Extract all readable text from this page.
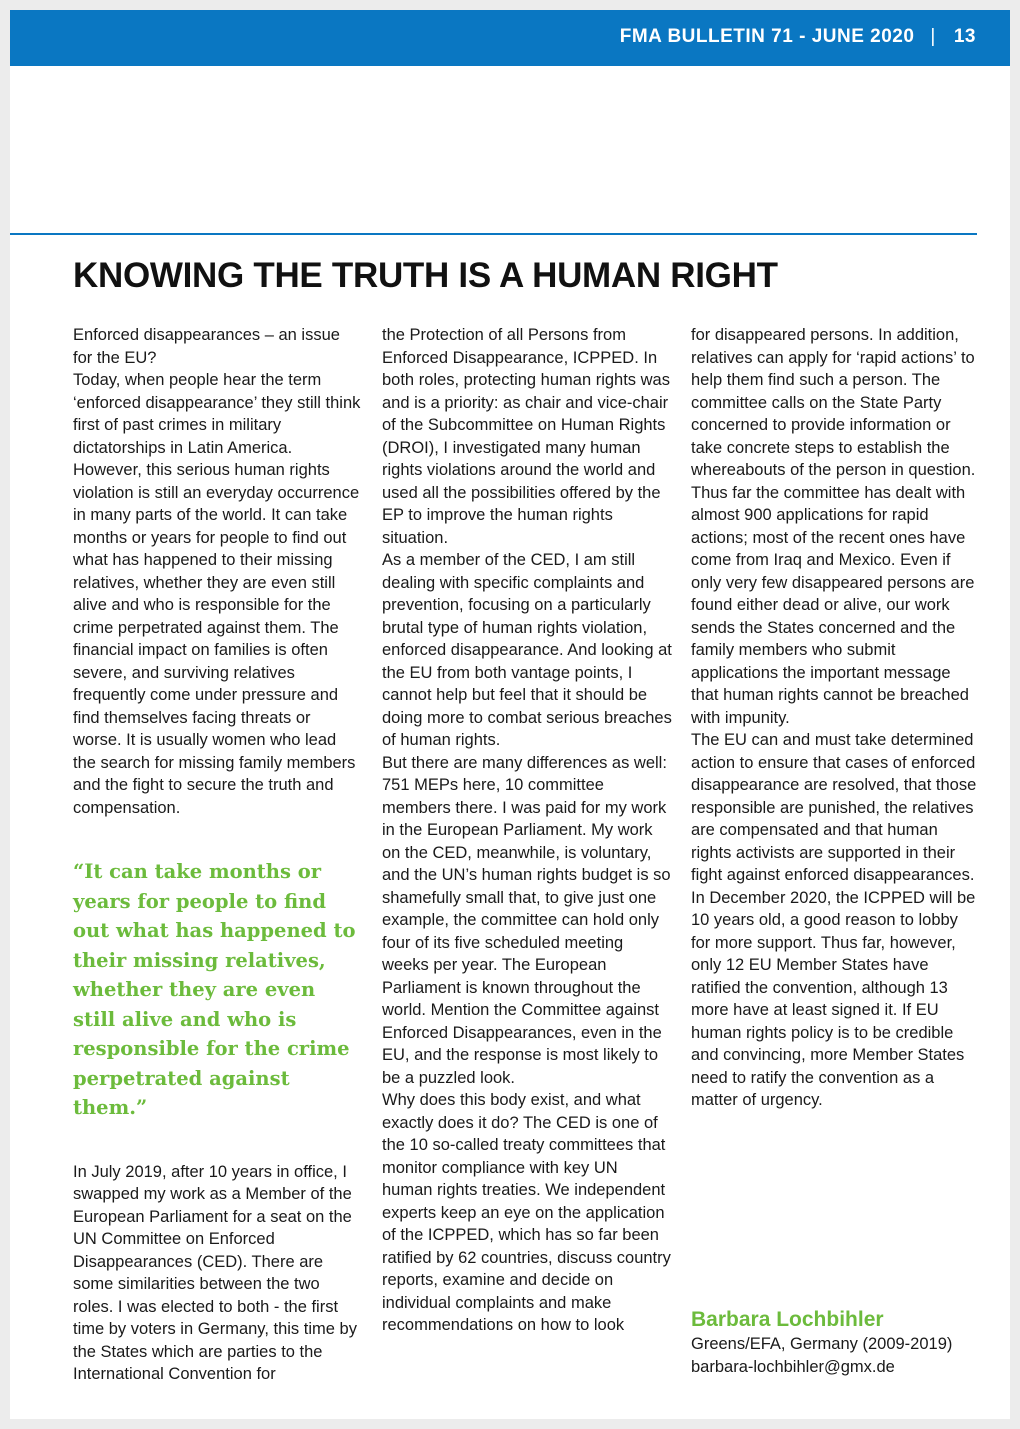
FMA BULLETIN 71 - JUNE 2020 | 13
KNOWING THE TRUTH IS A HUMAN RIGHT

Enforced disappearances – an issue for the EU?

Today, when people hear the term ‘enforced disappearance’ they still think first of past crimes in military dictatorships in Latin America. However, this serious human rights violation is still an everyday occurrence in many parts of the world. It can take months or years for people to find out what has happened to their missing relatives, whether they are even still alive and who is responsible for the crime perpetrated against them. The financial impact on families is often severe, and surviving relatives frequently come under pressure and find themselves facing threats or worse. It is usually women who lead the search for missing family members and the fight to secure the truth and compensation.

“It can take months or years for people to find out what has happened to their missing relatives, whether they are even still alive and who is responsible for the crime perpetrated against them.”

In July 2019, after 10 years in office, I swapped my work as a Member of the European Parliament for a seat on the UN Committee on Enforced Disappearances (CED). There are some similarities between the two roles. I was elected to both - the first time by voters in Germany, this time by the States which are parties to the International Convention for

the Protection of all Persons from Enforced Disappearance, ICPPED. In both roles, protecting human rights was and is a priority: as chair and vice-chair of the Subcommittee on Human Rights (DROI), I investigated many human rights violations around the world and used all the possibilities offered by the EP to improve the human rights situation.

As a member of the CED, I am still dealing with specific complaints and prevention, focusing on a particularly brutal type of human rights violation, enforced disappearance. And looking at the EU from both vantage points, I cannot help but feel that it should be doing more to combat serious breaches of human rights.

But there are many differences as well: 751 MEPs here, 10 committee members there. I was paid for my work in the European Parliament. My work on the CED, meanwhile, is voluntary, and the UN’s human rights budget is so shamefully small that, to give just one example, the committee can hold only four of its five scheduled meeting weeks per year. The European Parliament is known throughout the world. Mention the Committee against Enforced Disappearances, even in the EU, and the response is most likely to be a puzzled look.

Why does this body exist, and what exactly does it do? The CED is one of the 10 so-called treaty committees that monitor compliance with key UN human rights treaties. We independent experts keep an eye on the application of the ICPPED, which has so far been ratified by 62 countries, discuss country reports, examine and decide on individual complaints and make recommendations on how to look

for disappeared persons. In addition, relatives can apply for ‘rapid actions’ to help them find such a person. The committee calls on the State Party concerned to provide information or take concrete steps to establish the whereabouts of the person in question. Thus far the committee has dealt with almost 900 applications for rapid actions; most of the recent ones have come from Iraq and Mexico. Even if only very few disappeared persons are found either dead or alive, our work sends the States concerned and the family members who submit applications the important message that human rights cannot be breached with impunity.

The EU can and must take determined action to ensure that cases of enforced disappearance are resolved, that those responsible are punished, the relatives are compensated and that human rights activists are supported in their fight against enforced disappearances. In December 2020, the ICPPED will be 10 years old, a good reason to lobby for more support. Thus far, however, only 12 EU Member States have ratified the convention, although 13 more have at least signed it. If EU human rights policy is to be credible and convincing, more Member States need to ratify the convention as a matter of urgency.

Barbara Lochbihler
Greens/EFA, Germany (2009-2019)
barbara-lochbihler@gmx.de
